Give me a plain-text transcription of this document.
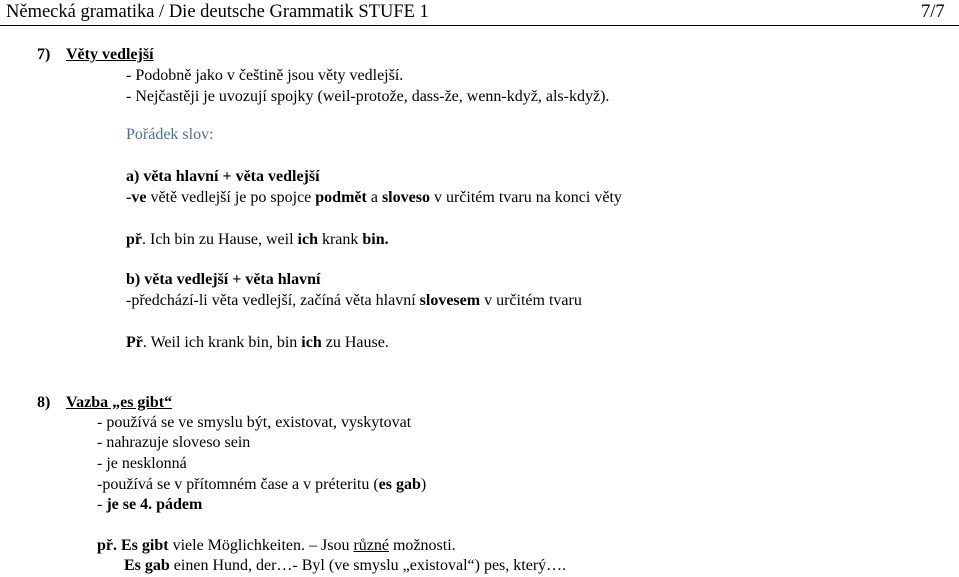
Německá gramatika / Die deutsche Grammatik STUFE 1	7/7
7) Věty vedlejší
- Podobně jako v češtině jsou věty vedlejší.
- Nejčastěji je uvozují spojky (weil-protože, dass-že, wenn-když, als-když).
Pořádek slov:
a) věta hlavní + věta vedlejší
-ve větě vedlejší je po spojce podmět a sloveso v určitém tvaru na konci věty
př. Ich bin zu Hause, weil ich krank bin.
b) věta vedlejší + věta hlavní
-předchází-li věta vedlejší, začíná věta hlavní slovesem v určitém tvaru
Př. Weil ich krank bin, bin ich zu Hause.
8) Vazba „es gibt“
- používá se ve smyslu být, existovat, vyskytovat
- nahrazuje sloveso sein
- je nesklonná
-používá se v přítomném čase a v préteritu (es gab)
- je se 4. pádem
př. Es gibt viele Möglichkeiten. – Jsou různé možnosti.
Es gab einen Hund, der…- Byl (ve smyslu „existoval“) pes, který….
